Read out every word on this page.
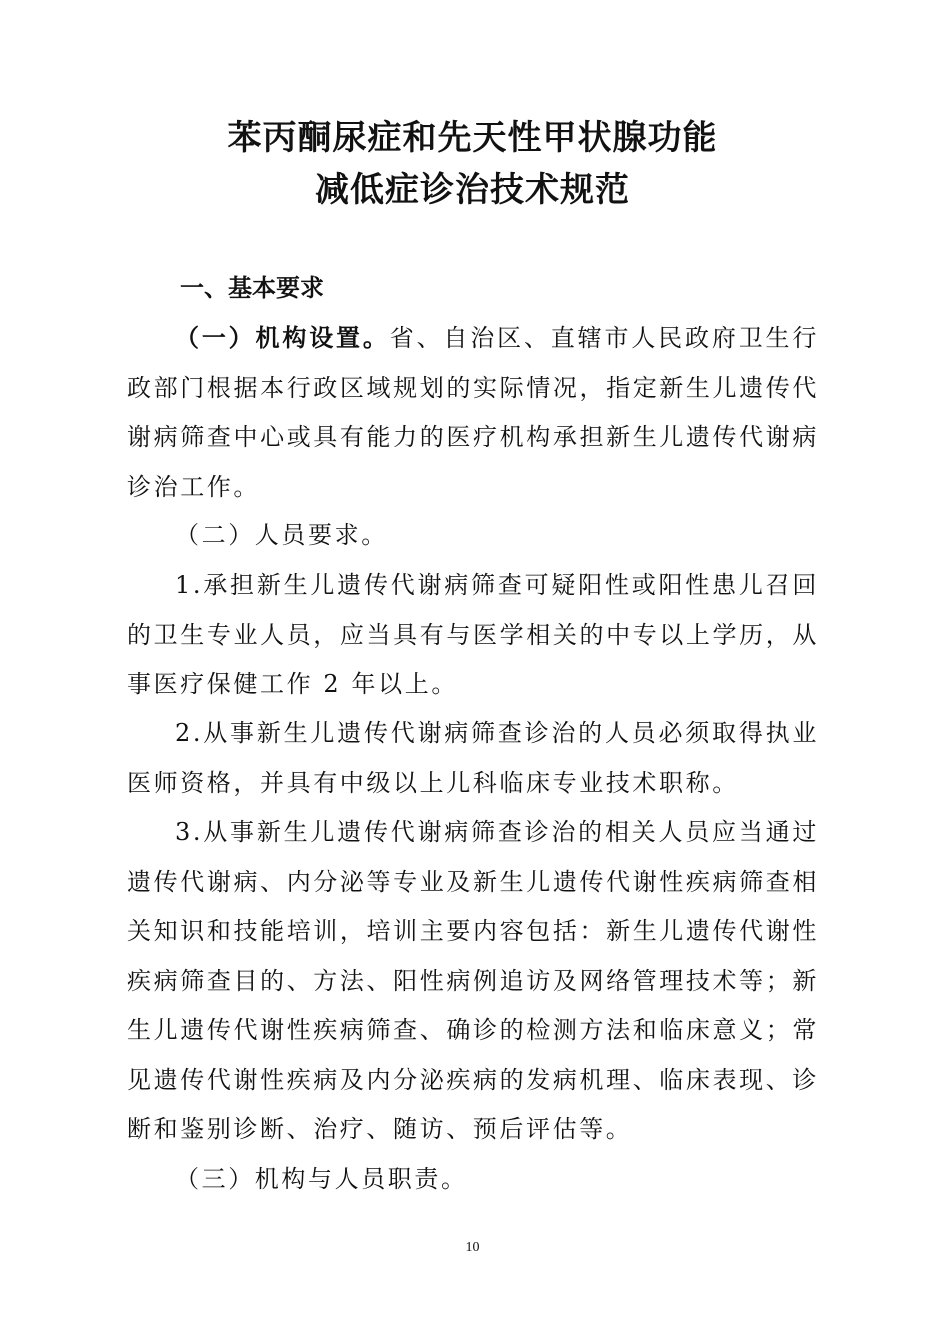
苯丙酮尿症和先天性甲状腺功能
减低症诊治技术规范
一、基本要求
（一）机构设置。省、自治区、直辖市人民政府卫生行政部门根据本行政区域规划的实际情况，指定新生儿遗传代谢病筛查中心或具有能力的医疗机构承担新生儿遗传代谢病诊治工作。
（二）人员要求。
1.承担新生儿遗传代谢病筛查可疑阳性或阳性患儿召回的卫生专业人员，应当具有与医学相关的中专以上学历，从事医疗保健工作 2 年以上。
2.从事新生儿遗传代谢病筛查诊治的人员必须取得执业医师资格，并具有中级以上儿科临床专业技术职称。
3.从事新生儿遗传代谢病筛查诊治的相关人员应当通过遗传代谢病、内分泌等专业及新生儿遗传代谢性疾病筛查相关知识和技能培训，培训主要内容包括：新生儿遗传代谢性疾病筛查目的、方法、阳性病例追访及网络管理技术等；新生儿遗传代谢性疾病筛查、确诊的检测方法和临床意义；常见遗传代谢性疾病及内分泌疾病的发病机理、临床表现、诊断和鉴别诊断、治疗、随访、预后评估等。
（三）机构与人员职责。
10
